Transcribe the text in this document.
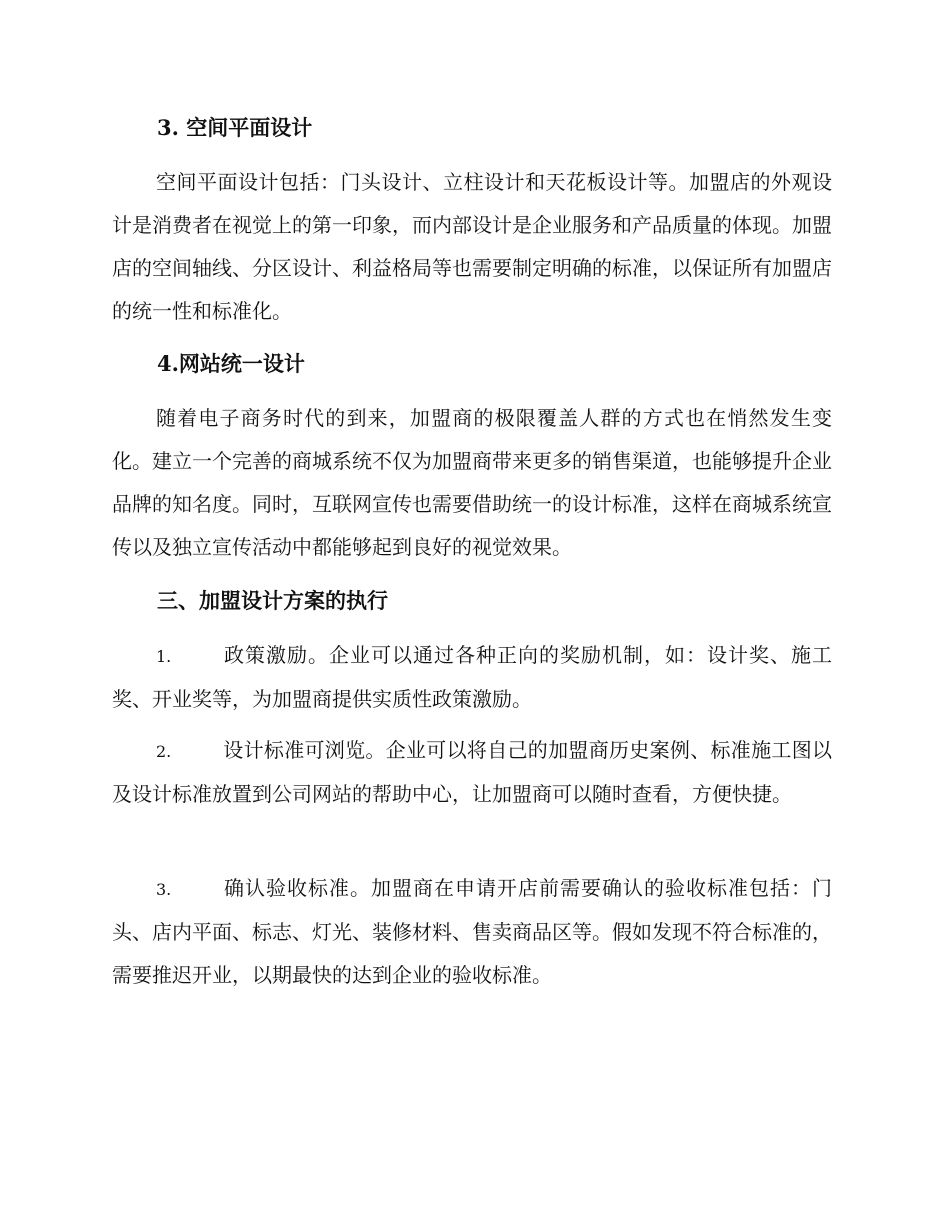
3. 空间平面设计

空间平面设计包括：门头设计、立柱设计和天花板设计等。加盟店的外观设计是消费者在视觉上的第一印象，而内部设计是企业服务和产品质量的体现。加盟店的空间轴线、分区设计、利益格局等也需要制定明确的标准，以保证所有加盟店的统一性和标准化。

4.网站统一设计

随着电子商务时代的到来，加盟商的极限覆盖人群的方式也在悄然发生变化。建立一个完善的商城系统不仅为加盟商带来更多的销售渠道，也能够提升企业品牌的知名度。同时，互联网宣传也需要借助统一的设计标准，这样在商城系统宣传以及独立宣传活动中都能够起到良好的视觉效果。

三、加盟设计方案的执行

1.	政策激励。企业可以通过各种正向的奖励机制，如：设计奖、施工奖、开业奖等，为加盟商提供实质性政策激励。

2.	设计标准可浏览。企业可以将自己的加盟商历史案例、标准施工图以及设计标准放置到公司网站的帮助中心，让加盟商可以随时查看，方便快捷。

3.	确认验收标准。加盟商在申请开店前需要确认的验收标准包括：门头、店内平面、标志、灯光、装修材料、售卖商品区等。假如发现不符合标准的，需要推迟开业，以期最快的达到企业的验收标准。
